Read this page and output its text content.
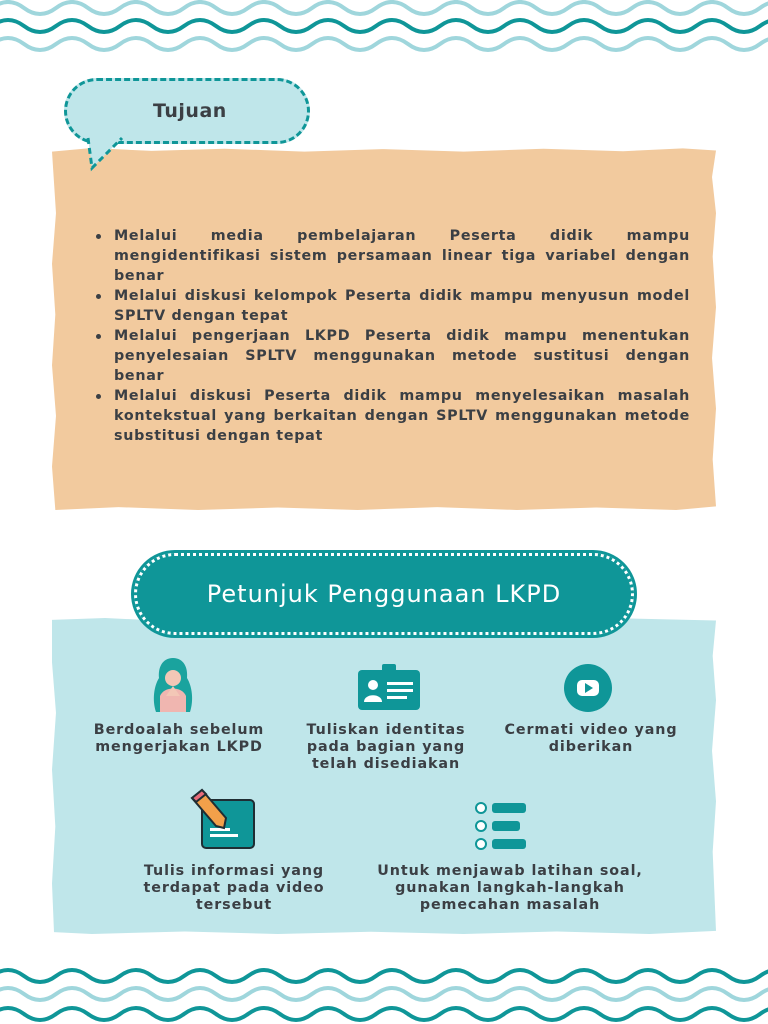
Tujuan
Melalui media pembelajaran Peserta didik mampu mengidentifikasi sistem persamaan linear tiga variabel dengan benar
Melalui diskusi kelompok Peserta didik mampu menyusun model SPLTV dengan tepat
Melalui pengerjaan LKPD Peserta didik mampu menentukan penyelesaian SPLTV menggunakan metode sustitusi dengan benar
Melalui diskusi Peserta didik mampu menyelesaikan masalah kontekstual yang berkaitan dengan SPLTV menggunakan metode substitusi dengan tepat
Petunjuk Penggunaan LKPD
Berdoalah sebelum mengerjakan LKPD
Tuliskan identitas pada bagian yang telah disediakan
Cermati video yang diberikan
Tulis informasi yang terdapat pada video tersebut
Untuk menjawab latihan soal, gunakan langkah-langkah pemecahan masalah
